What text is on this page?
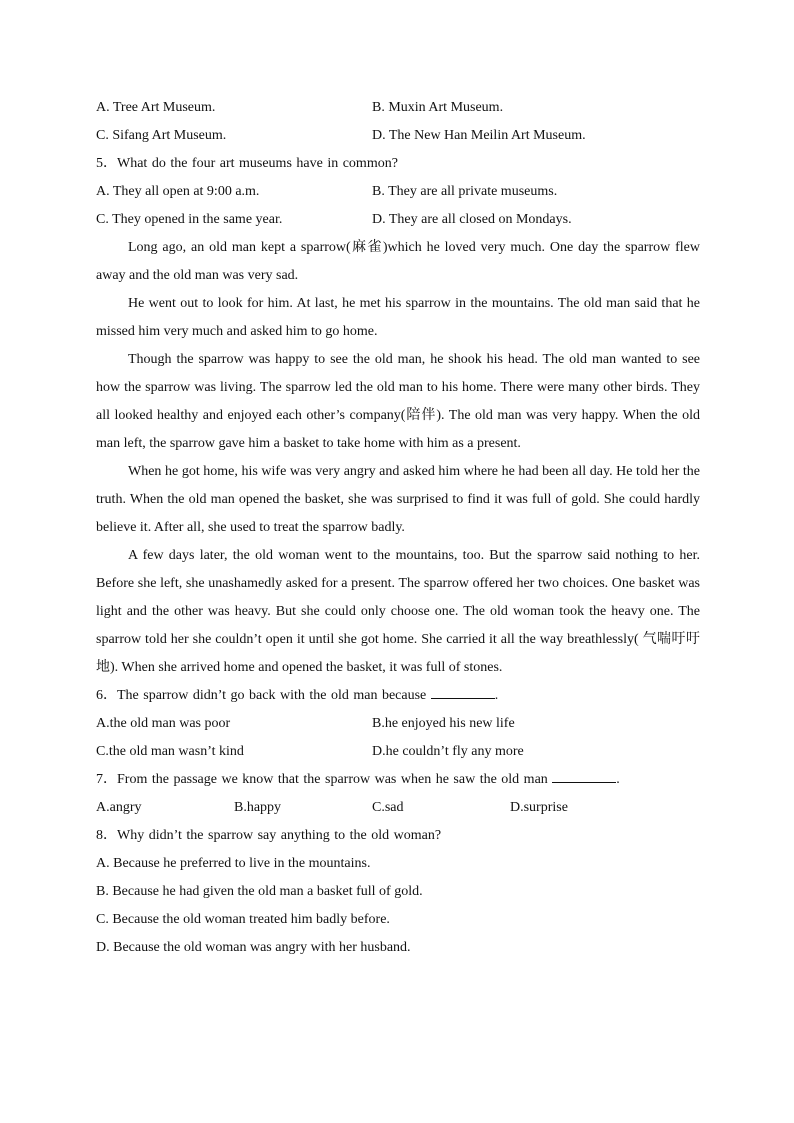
A. Tree Art Museum.	B. Muxin Art Museum.
C. Sifang Art Museum.	D. The New Han Meilin Art Museum.
5．What do the four art museums have in common?
A. They all open at 9:00 a.m.	B. They are all private museums.
C. They opened in the same year.	D. They are all closed on Mondays.

Long ago, an old man kept a sparrow(麻雀)which he loved very much. One day the sparrow flew away and the old man was very sad.

He went out to look for him. At last, he met his sparrow in the mountains. The old man said that he missed him very much and asked him to go home.

Though the sparrow was happy to see the old man, he shook his head. The old man wanted to see how the sparrow was living. The sparrow led the old man to his home. There were many other birds. They all looked healthy and enjoyed each other’s company(陪伴). The old man was very happy. When the old man left, the sparrow gave him a basket to take home with him as a present.

When he got home, his wife was very angry and asked him where he had been all day. He told her the truth. When the old man opened the basket, she was surprised to find it was full of gold. She could hardly believe it. After all, she used to treat the sparrow badly.

A few days later, the old woman went to the mountains, too. But the sparrow said nothing to her. Before she left, she unashamedly asked for a present. The sparrow offered her two choices. One basket was light and the other was heavy. But she could only choose one. The old woman took the heavy one. The sparrow told her she couldn’t open it until she got home. She carried it all the way breathlessly( 气喘吁吁地). When she arrived home and opened the basket, it was full of stones.

6．The sparrow didn’t go back with the old man because	.
A.the old man was poor	B.he enjoyed his new life
C.the old man wasn’t kind	D.he couldn’t fly any more
7．From the passage we know that the sparrow was when he saw the old man	.
A.angry	B.happy	C.sad	D.surprise
8．Why didn’t the sparrow say anything to the old woman?
A. Because he preferred to live in the mountains.
B. Because he had given the old man a basket full of gold.
C. Because the old woman treated him badly before.
D. Because the old woman was angry with her husband.
